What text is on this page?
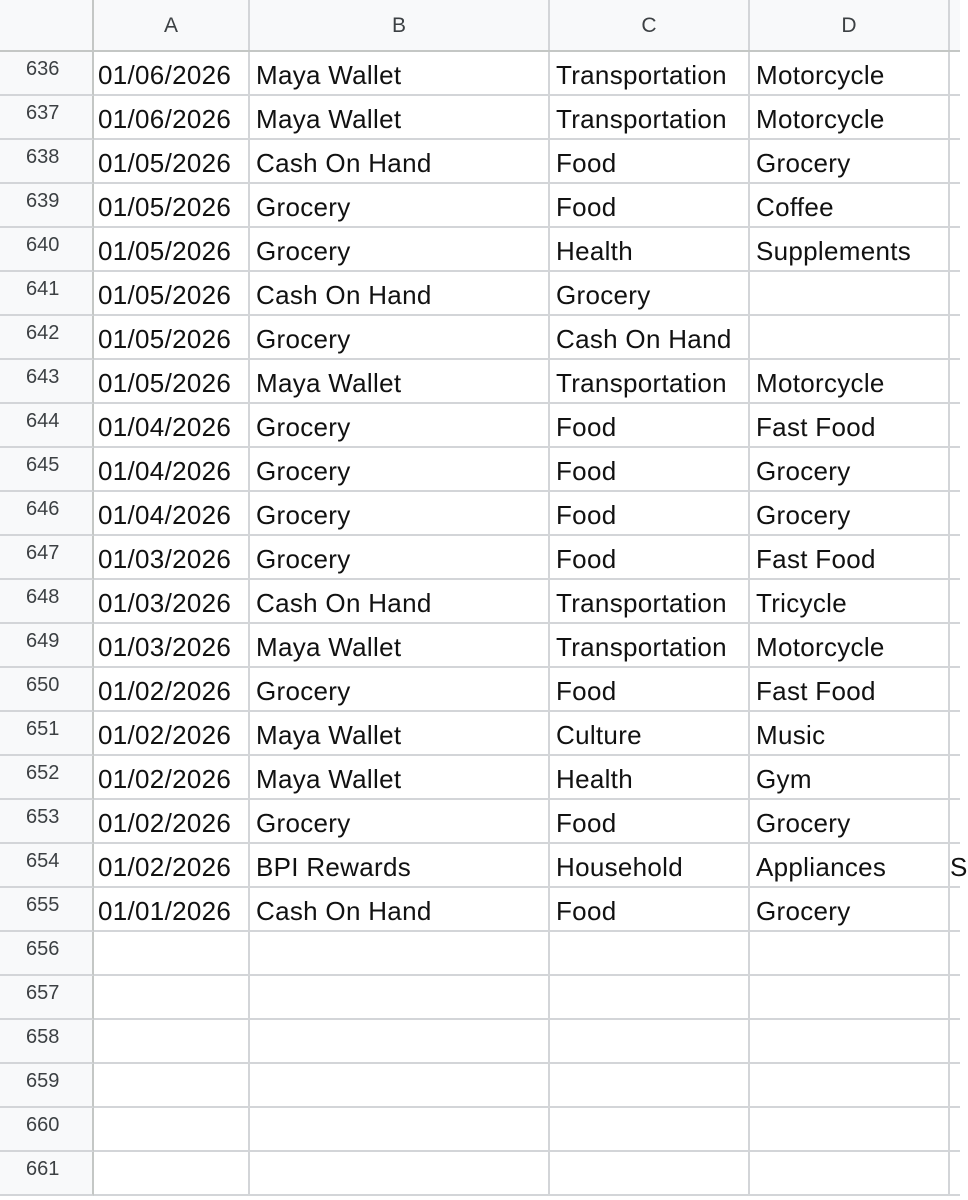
A	B	C	D
636	01/06/2026 Maya Wallet	Transportation	Motorcycle
637	01/06/2026 Maya Wallet	Transportation	Motorcycle
638	01/05/2026 Cash On Hand	Food	Grocery
639	01/05/2026 Grocery	Food	Coffee
640	01/05/2026 Grocery	Health	Supplements
641	01/05/2026 Cash On Hand	Grocery
642	01/05/2026 Grocery	Cash On Hand
643	01/05/2026 Maya Wallet	Transportation	Motorcycle
644	01/04/2026 Grocery	Food	Fast Food
645	01/04/2026 Grocery	Food	Grocery
646	01/04/2026 Grocery	Food	Grocery
647	01/03/2026 Grocery	Food	Fast Food
648	01/03/2026 Cash On Hand	Transportation	Tricycle
649	01/03/2026 Maya Wallet	Transportation	Motorcycle
650	01/02/2026 Grocery	Food	Fast Food
651	01/02/2026 Maya Wallet	Culture	Music
652	01/02/2026 Maya Wallet	Health	Gym
653	01/02/2026 Grocery	Food	Grocery
654	01/02/2026 BPI Rewards	Household	Appliances	S
655	01/01/2026 Cash On Hand	Food	Grocery
656
657
658
659
660
661
